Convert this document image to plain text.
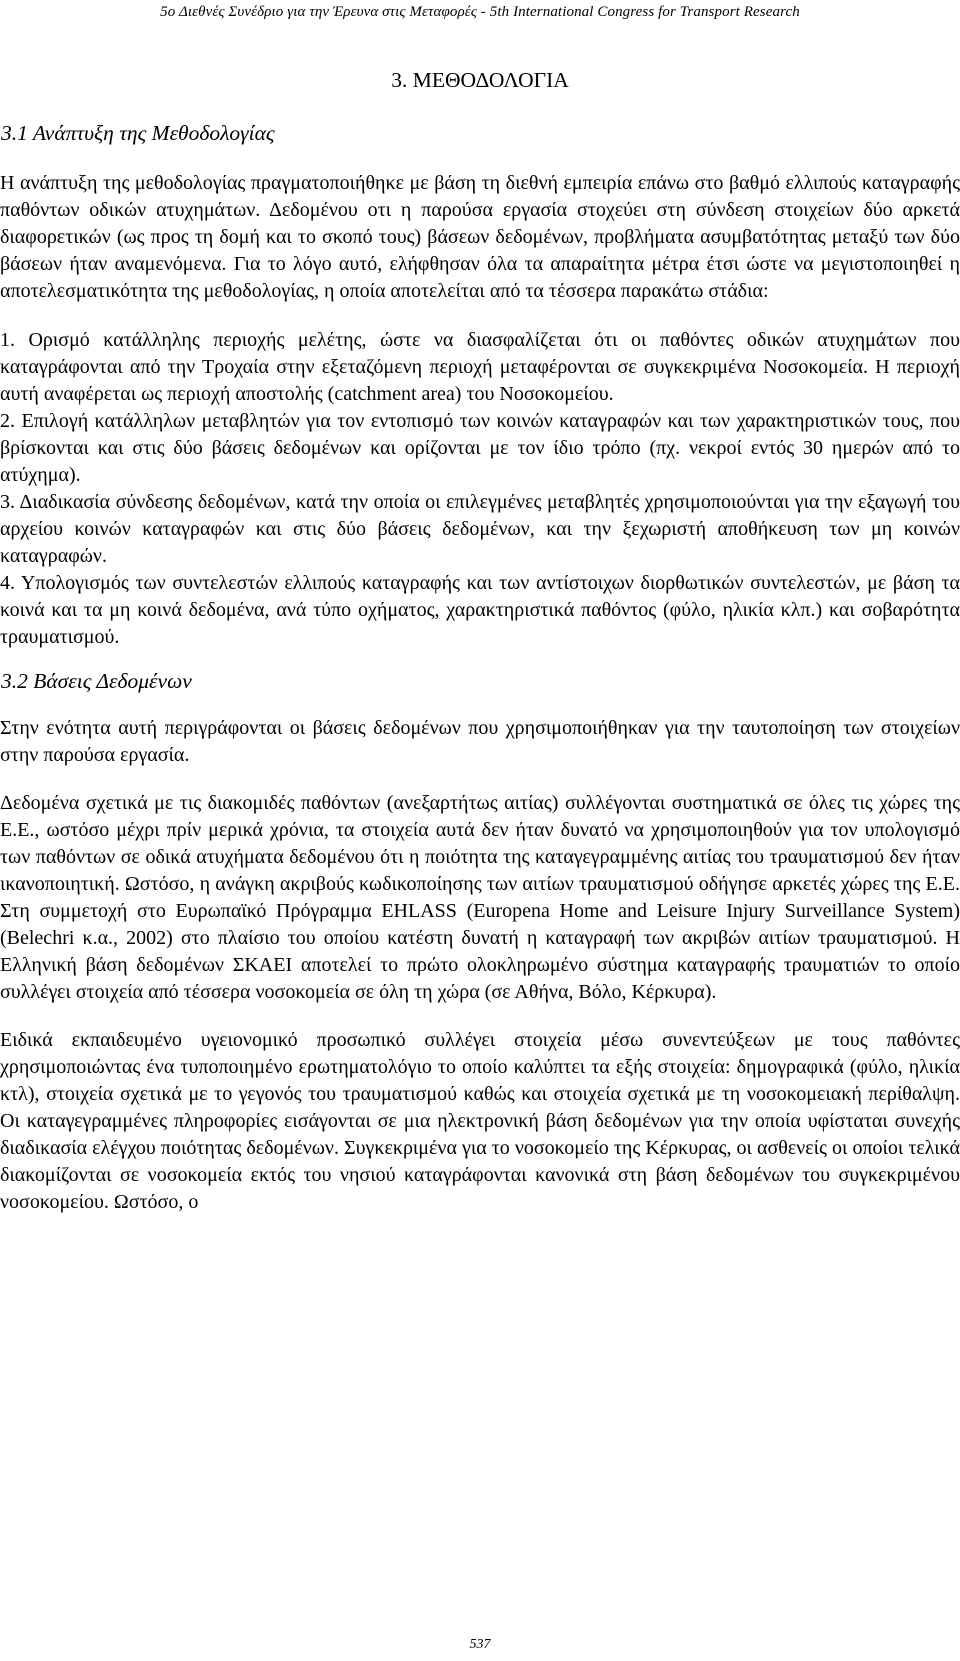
5ο Διεθνές Συνέδριο για την Έρευνα στις Μεταφορές - 5th International Congress for Transport Research
3. ΜΕΘΟΔΟΛΟΓΙΑ
3.1 Ανάπτυξη της Μεθοδολογίας

Η ανάπτυξη της μεθοδολογίας πραγματοποιήθηκε με βάση τη διεθνή εμπειρία επάνω στο βαθμό ελλιπούς καταγραφής παθόντων οδικών ατυχημάτων. Δεδομένου οτι η παρούσα εργασία στοχεύει στη σύνδεση στοιχείων δύο αρκετά διαφορετικών (ως προς τη δομή και το σκοπό τους) βάσεων δεδομένων, προβλήματα ασυμβατότητας μεταξύ των δύο βάσεων ήταν αναμενόμενα. Για το λόγο αυτό, ελήφθησαν όλα τα απαραίτητα μέτρα έτσι ώστε να μεγιστοποιηθεί η αποτελεσματικότητα της μεθοδολογίας, η οποία αποτελείται από τα τέσσερα παρακάτω στάδια:

1. Ορισμό κατάλληλης περιοχής μελέτης, ώστε να διασφαλίζεται ότι οι παθόντες οδικών ατυχημάτων που καταγράφονται από την Τροχαία στην εξεταζόμενη περιοχή μεταφέρονται σε συγκεκριμένα Νοσοκομεία. Η περιοχή αυτή αναφέρεται ως περιοχή αποστολής (catchment area) του Νοσοκομείου.

2. Επιλογή κατάλληλων μεταβλητών για τον εντοπισμό των κοινών καταγραφών και των χαρακτηριστικών τους, που βρίσκονται και στις δύο βάσεις δεδομένων και ορίζονται με τον ίδιο τρόπο (πχ. νεκροί εντός 30 ημερών από το ατύχημα).

3. Διαδικασία σύνδεσης δεδομένων, κατά την οποία οι επιλεγμένες μεταβλητές χρησιμοποιούνται για την εξαγωγή του αρχείου κοινών καταγραφών και στις δύο βάσεις δεδομένων, και την ξεχωριστή αποθήκευση των μη κοινών καταγραφών.

4. Υπολογισμός των συντελεστών ελλιπούς καταγραφής και των αντίστοιχων διορθωτικών συντελεστών, με βάση τα κοινά και τα μη κοινά δεδομένα, ανά τύπο οχήματος, χαρακτηριστικά παθόντος (φύλο, ηλικία κλπ.) και σοβαρότητα τραυματισμού.

3.2 Βάσεις Δεδομένων

Στην ενότητα αυτή περιγράφονται οι βάσεις δεδομένων που χρησιμοποιήθηκαν για την ταυτοποίηση των στοιχείων στην παρούσα εργασία.

Δεδομένα σχετικά με τις διακομιδές παθόντων (ανεξαρτήτως αιτίας) συλλέγονται συστηματικά σε όλες τις χώρες της Ε.Ε., ωστόσο μέχρι πρίν μερικά χρόνια, τα στοιχεία αυτά δεν ήταν δυνατό να χρησιμοποιηθούν για τον υπολογισμό των παθόντων σε οδικά ατυχήματα δεδομένου ότι η ποιότητα της καταγεγραμμένης αιτίας του τραυματισμού δεν ήταν ικανοποιητική. Ωστόσο, η ανάγκη ακριβούς κωδικοποίησης των αιτίων τραυματισμού οδήγησε αρκετές χώρες της Ε.Ε. Στη συμμετοχή στο Ευρωπαϊκό Πρόγραμμα EHLASS (Europena Home and Leisure Injury Surveillance System) (Belechri κ.α., 2002) στο πλαίσιο του οποίου κατέστη δυνατή η καταγραφή των ακριβών αιτίων τραυματισμού. Η Ελληνική βάση δεδομένων ΣΚΑΕΙ αποτελεί το πρώτο ολοκληρωμένο σύστημα καταγραφής τραυματιών το οποίο συλλέγει στοιχεία από τέσσερα νοσοκομεία σε όλη τη χώρα (σε Αθήνα, Βόλο, Κέρκυρα).

Ειδικά εκπαιδευμένο υγειονομικό προσωπικό συλλέγει στοιχεία μέσω συνεντεύξεων με τους παθόντες χρησιμοποιώντας ένα τυποποιημένο ερωτηματολόγιο το οποίο καλύπτει τα εξής στοιχεία: δημογραφικά (φύλο, ηλικία κτλ), στοιχεία σχετικά με το γεγονός του τραυματισμού καθώς και στοιχεία σχετικά με τη νοσοκομειακή περίθαλψη. Οι καταγεγραμμένες πληροφορίες εισάγονται σε μια ηλεκτρονική βάση δεδομένων για την οποία υφίσταται συνεχής διαδικασία ελέγχου ποιότητας δεδομένων. Συγκεκριμένα για το νοσοκομείο της Κέρκυρας, οι ασθενείς οι οποίοι τελικά διακομίζονται σε νοσοκομεία εκτός του νησιού καταγράφονται κανονικά στη βάση δεδομένων του συγκεκριμένου νοσοκομείου. Ωστόσο, ο

537
